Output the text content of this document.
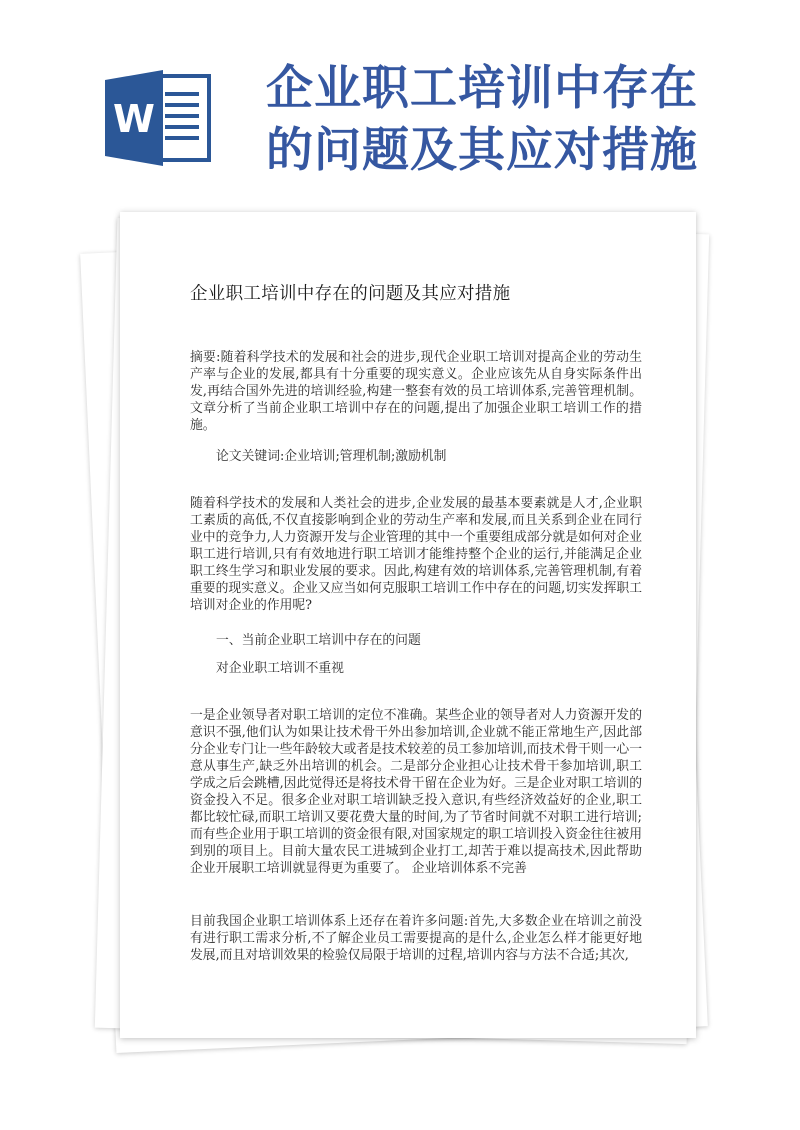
W
企业职工培训中存在的问题及其应对措施
企业职工培训中存在的问题及其应对措施

摘要:随着科学技术的发展和社会的进步,现代企业职工培训对提高企业的劳动生产率与企业的发展,都具有十分重要的现实意义。企业应该先从自身实际条件出发,再结合国外先进的培训经验,构建一整套有效的员工培训体系,完善管理机制。文章分析了当前企业职工培训中存在的问题,提出了加强企业职工培训工作的措施。

论文关键词:企业培训;管理机制;激励机制

随着科学技术的发展和人类社会的进步,企业发展的最基本要素就是人才,企业职工素质的高低,不仅直接影响到企业的劳动生产率和发展,而且关系到企业在同行业中的竞争力,人力资源开发与企业管理的其中一个重要组成部分就是如何对企业职工进行培训,只有有效地进行职工培训才能维持整个企业的运行,并能满足企业职工终生学习和职业发展的要求。因此,构建有效的培训体系,完善管理机制,有着重要的现实意义。企业又应当如何克服职工培训工作中存在的问题,切实发挥职工培训对企业的作用呢?

一、当前企业职工培训中存在的问题

对企业职工培训不重视

一是企业领导者对职工培训的定位不准确。某些企业的领导者对人力资源开发的意识不强,他们认为如果让技术骨干外出参加培训,企业就不能正常地生产,因此部分企业专门让一些年龄较大或者是技术较差的员工参加培训,而技术骨干则一心一意从事生产,缺乏外出培训的机会。二是部分企业担心让技术骨干参加培训,职工学成之后会跳槽,因此觉得还是将技术骨干留在企业为好。三是企业对职工培训的资金投入不足。很多企业对职工培训缺乏投入意识,有些经济效益好的企业,职工都比较忙碌,而职工培训又要花费大量的时间,为了节省时间就不对职工进行培训;而有些企业用于职工培训的资金很有限,对国家规定的职工培训投入资金往往被用到别的项目上。目前大量农民工进城到企业打工,却苦于难以提高技术,因此帮助企业开展职工培训就显得更为重要了。 企业培训体系不完善

目前我国企业职工培训体系上还存在着许多问题:首先,大多数企业在培训之前没有进行职工需求分析,不了解企业员工需要提高的是什么,企业怎么样才能更好地发展,而且对培训效果的检验仅局限于培训的过程,培训内容与方法不合适;其次,
